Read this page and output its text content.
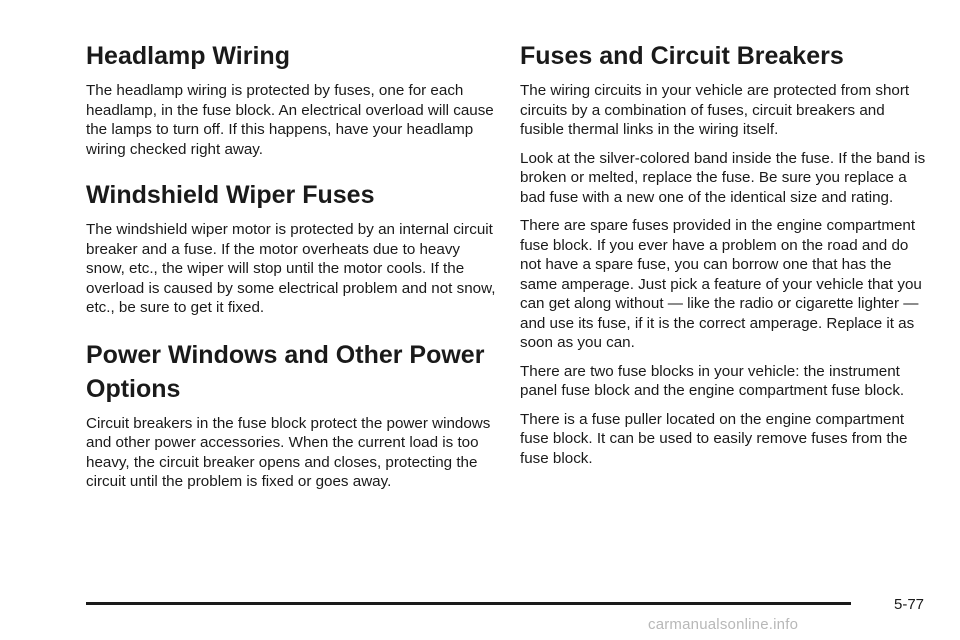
Headlamp Wiring

The headlamp wiring is protected by fuses, one for each headlamp, in the fuse block. An electrical overload will cause the lamps to turn off. If this happens, have your headlamp wiring checked right away.

Windshield Wiper Fuses

The windshield wiper motor is protected by an internal circuit breaker and a fuse. If the motor overheats due to heavy snow, etc., the wiper will stop until the motor cools. If the overload is caused by some electrical problem and not snow, etc., be sure to get it fixed.

Power Windows and Other Power Options

Circuit breakers in the fuse block protect the power windows and other power accessories. When the current load is too heavy, the circuit breaker opens and closes, protecting the circuit until the problem is fixed or goes away.

Fuses and Circuit Breakers

The wiring circuits in your vehicle are protected from short circuits by a combination of fuses, circuit breakers and fusible thermal links in the wiring itself.

Look at the silver-colored band inside the fuse. If the band is broken or melted, replace the fuse. Be sure you replace a bad fuse with a new one of the identical size and rating.

There are spare fuses provided in the engine compartment fuse block. If you ever have a problem on the road and do not have a spare fuse, you can borrow one that has the same amperage. Just pick a feature of your vehicle that you can get along without — like the radio or cigarette lighter — and use its fuse, if it is the correct amperage. Replace it as soon as you can.

There are two fuse blocks in your vehicle: the instrument panel fuse block and the engine compartment fuse block.

There is a fuse puller located on the engine compartment fuse block. It can be used to easily remove fuses from the fuse block.

5-77
carmanualsonline.info
